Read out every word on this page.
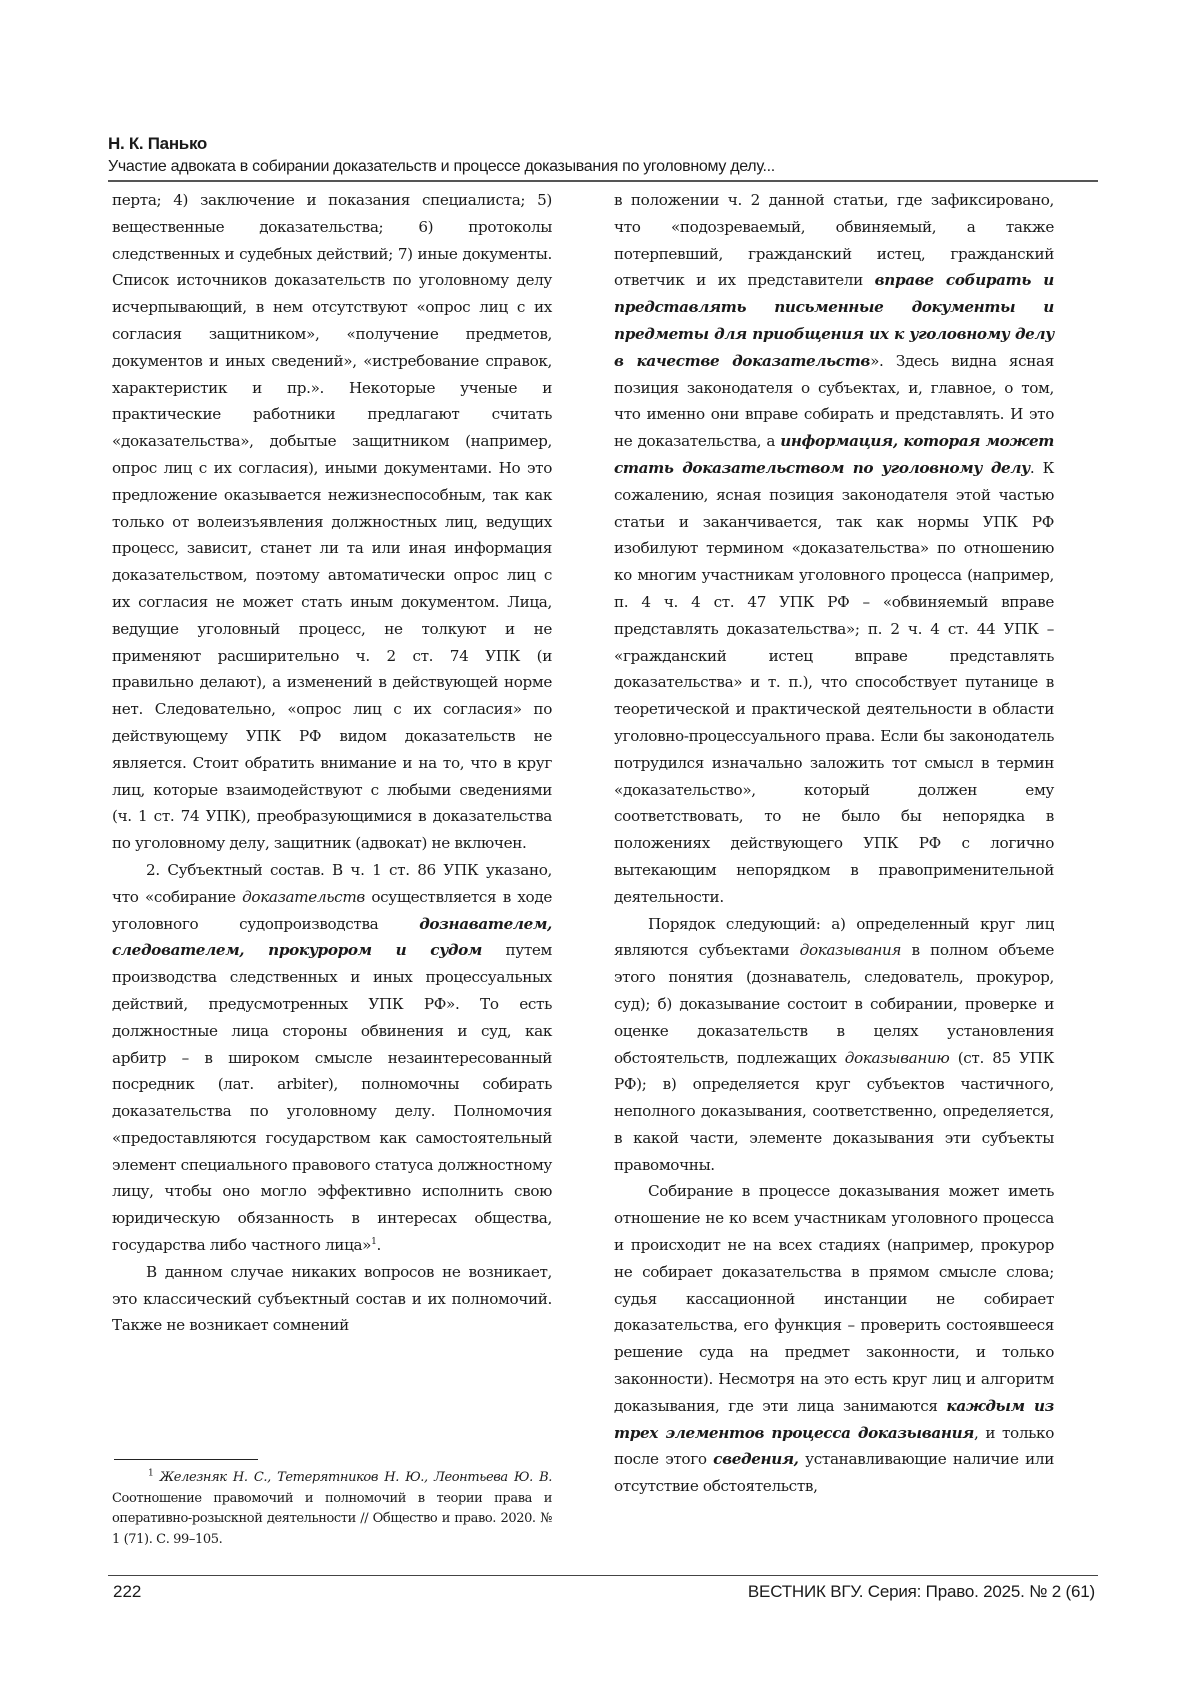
Н. К. Панько
Участие адвоката в собирании доказательств и процессе доказывания по уголовному делу...

перта; 4) заключение и показания специалиста; 5) вещественные доказательства; 6) протоколы следственных и судебных действий; 7) иные документы. Список источников доказательств по уголовному делу исчерпывающий, в нем отсутствуют «опрос лиц с их согласия защитником», «получение предметов, документов и иных сведений», «истребование справок, характеристик и пр.». Некоторые ученые и практические работники предлагают считать «доказательства», добытые защитником (например, опрос лиц с их согласия), иными документами. Но это предложение оказывается нежизнеспособным, так как только от волеизъявления должностных лиц, ведущих процесс, зависит, станет ли та или иная информация доказательством, поэтому автоматически опрос лиц с их согласия не может стать иным документом. Лица, ведущие уголовный процесс, не толкуют и не применяют расширительно ч. 2 ст. 74 УПК (и правильно делают), а изменений в действующей норме нет. Следовательно, «опрос лиц с их согласия» по действующему УПК РФ видом доказательств не является. Стоит обратить внимание и на то, что в круг лиц, которые взаимодействуют с любыми сведениями (ч. 1 ст. 74 УПК), преобразующимися в доказательства по уголовному делу, защитник (адвокат) не включен.

2. Субъектный состав. В ч. 1 ст. 86 УПК указано, что «собирание доказательств осуществляется в ходе уголовного судопроизводства дознавателем, следователем, прокурором и судом путем производства следственных и иных процессуальных действий, предусмотренных УПК РФ». То есть должностные лица стороны обвинения и суд, как арбитр – в широком смысле незаинтересованный посредник (лат. arbiter), полномочны собирать доказательства по уголовному делу. Полномочия «предоставляются государством как самостоятельный элемент специального правового статуса должностному лицу, чтобы оно могло эффективно исполнить свою юридическую обязанность в интересах общества, государства либо частного лица»$^1$.

В данном случае никаких вопросов не возникает, это классический субъектный состав и их полномочий. Также не возникает сомнений

в положении ч. 2 данной статьи, где зафиксировано, что «подозреваемый, обвиняемый, а также потерпевший, гражданский истец, гражданский ответчик и их представители вправе собирать и представлять письменные документы и предметы для приобщения их к уголовному делу в качестве доказательств». Здесь видна ясная позиция законодателя о субъектах, и, главное, о том, что именно они вправе собирать и представлять. И это не доказательства, а информация, которая может стать доказательством по уголовному делу. К сожалению, ясная позиция законодателя этой частью статьи и заканчивается, так как нормы УПК РФ изобилуют термином «доказательства» по отношению ко многим участникам уголовного процесса (например, п. 4 ч. 4 ст. 47 УПК РФ – «обвиняемый вправе представлять доказательства»; п. 2 ч. 4 ст. 44 УПК – «гражданский истец вправе представлять доказательства» и т. п.), что способствует путанице в теоретической и практической деятельности в области уголовно-процессуального права. Если бы законодатель потрудился изначально заложить тот смысл в термин «доказательство», который должен ему соответствовать, то не было бы непорядка в положениях действующего УПК РФ с логично вытекающим непорядком в правоприменительной деятельности.

Порядок следующий: а) определенный круг лиц являются субъектами доказывания в полном объеме этого понятия (дознаватель, следователь, прокурор, суд); б) доказывание состоит в собирании, проверке и оценке доказательств в целях установления обстоятельств, подлежащих доказыванию (ст. 85 УПК РФ); в) определяется круг субъектов частичного, неполного доказывания, соответственно, определяется, в какой части, элементе доказывания эти субъекты правомочны.

Собирание в процессе доказывания может иметь отношение не ко всем участникам уголовного процесса и происходит не на всех стадиях (например, прокурор не собирает доказательства в прямом смысле слова; судья кассационной инстанции не собирает доказательства, его функция – проверить состоявшееся решение суда на предмет законности, и только законности). Несмотря на это есть круг лиц и алгоритм доказывания, где эти лица занимаются каждым из трех элементов процесса доказывания, и только после этого сведения, устанавливающие наличие или отсутствие обстоятельств,

$^1$ Железняк Н. С., Тетерятников Н. Ю., Леонтьева Ю. В. Соотношение правомочий и полномочий в теории права и оперативно-розыскной деятельности // Общество и право. 2020. № 1 (71). С. 99–105.
222	ВЕСТНИК ВГУ. Серия: Право. 2025. № 2 (61)
